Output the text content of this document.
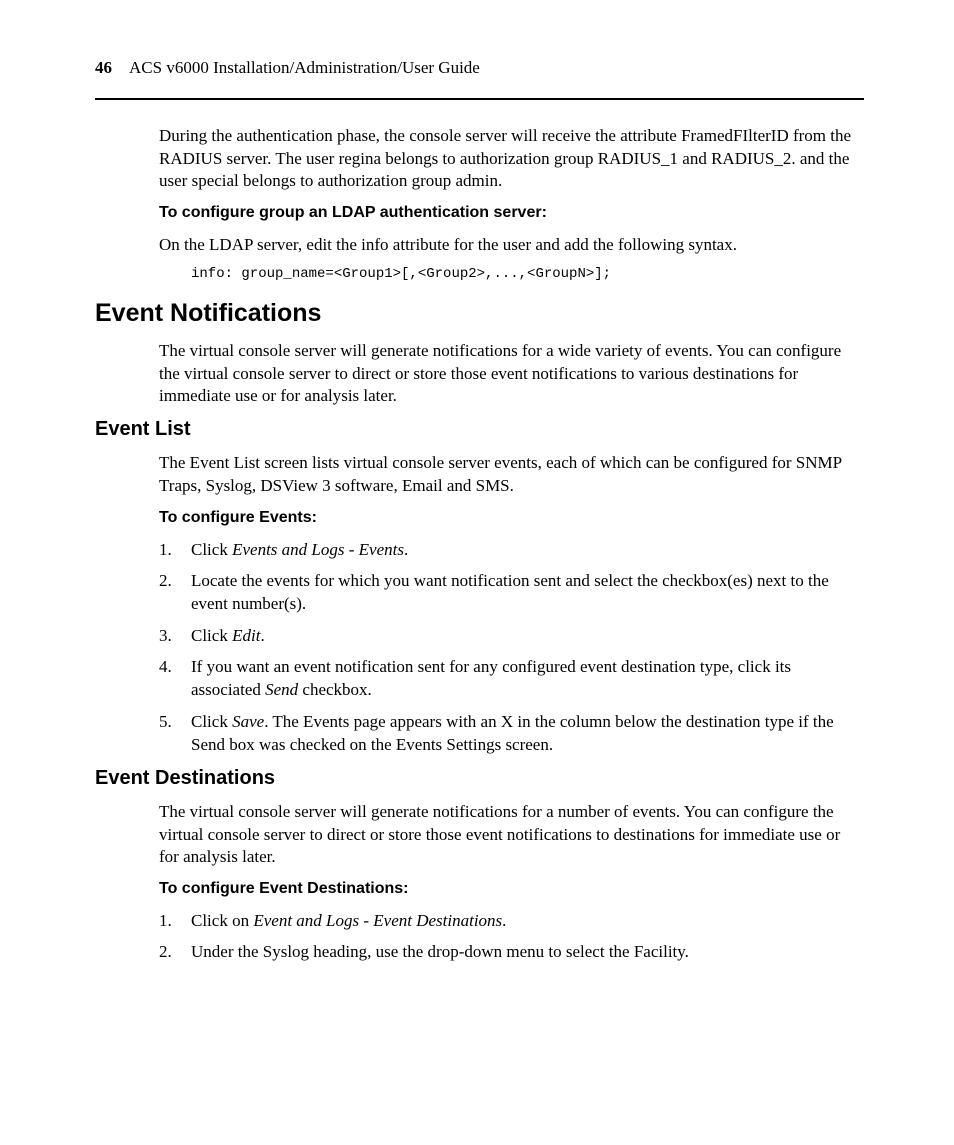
46 ACS v6000 Installation/Administration/User Guide

During the authentication phase, the console server will receive the attribute FramedFIlterID from the RADIUS server. The user regina belongs to authorization group RADIUS_1 and RADIUS_2. and the user special belongs to authorization group admin.

To configure group an LDAP authentication server:

On the LDAP server, edit the info attribute for the user and add the following syntax.

info: group_name=<Group1>[,<Group2>,...,<GroupN>];

Event Notifications

The virtual console server will generate notifications for a wide variety of events. You can configure the virtual console server to direct or store those event notifications to various destinations for immediate use or for analysis later.

Event List

The Event List screen lists virtual console server events, each of which can be configured for SNMP Traps, Syslog, DSView 3 software, Email and SMS.

To configure Events:

1. Click Events and Logs - Events.
2. Locate the events for which you want notification sent and select the checkbox(es) next to the event number(s).
3. Click Edit.
4. If you want an event notification sent for any configured event destination type, click its associated Send checkbox.
5. Click Save. The Events page appears with an X in the column below the destination type if the Send box was checked on the Events Settings screen.
Event Destinations

The virtual console server will generate notifications for a number of events. You can configure the virtual console server to direct or store those event notifications to destinations for immediate use or for analysis later.

To configure Event Destinations:

1. Click on Event and Logs - Event Destinations.
2. Under the Syslog heading, use the drop-down menu to select the Facility.
